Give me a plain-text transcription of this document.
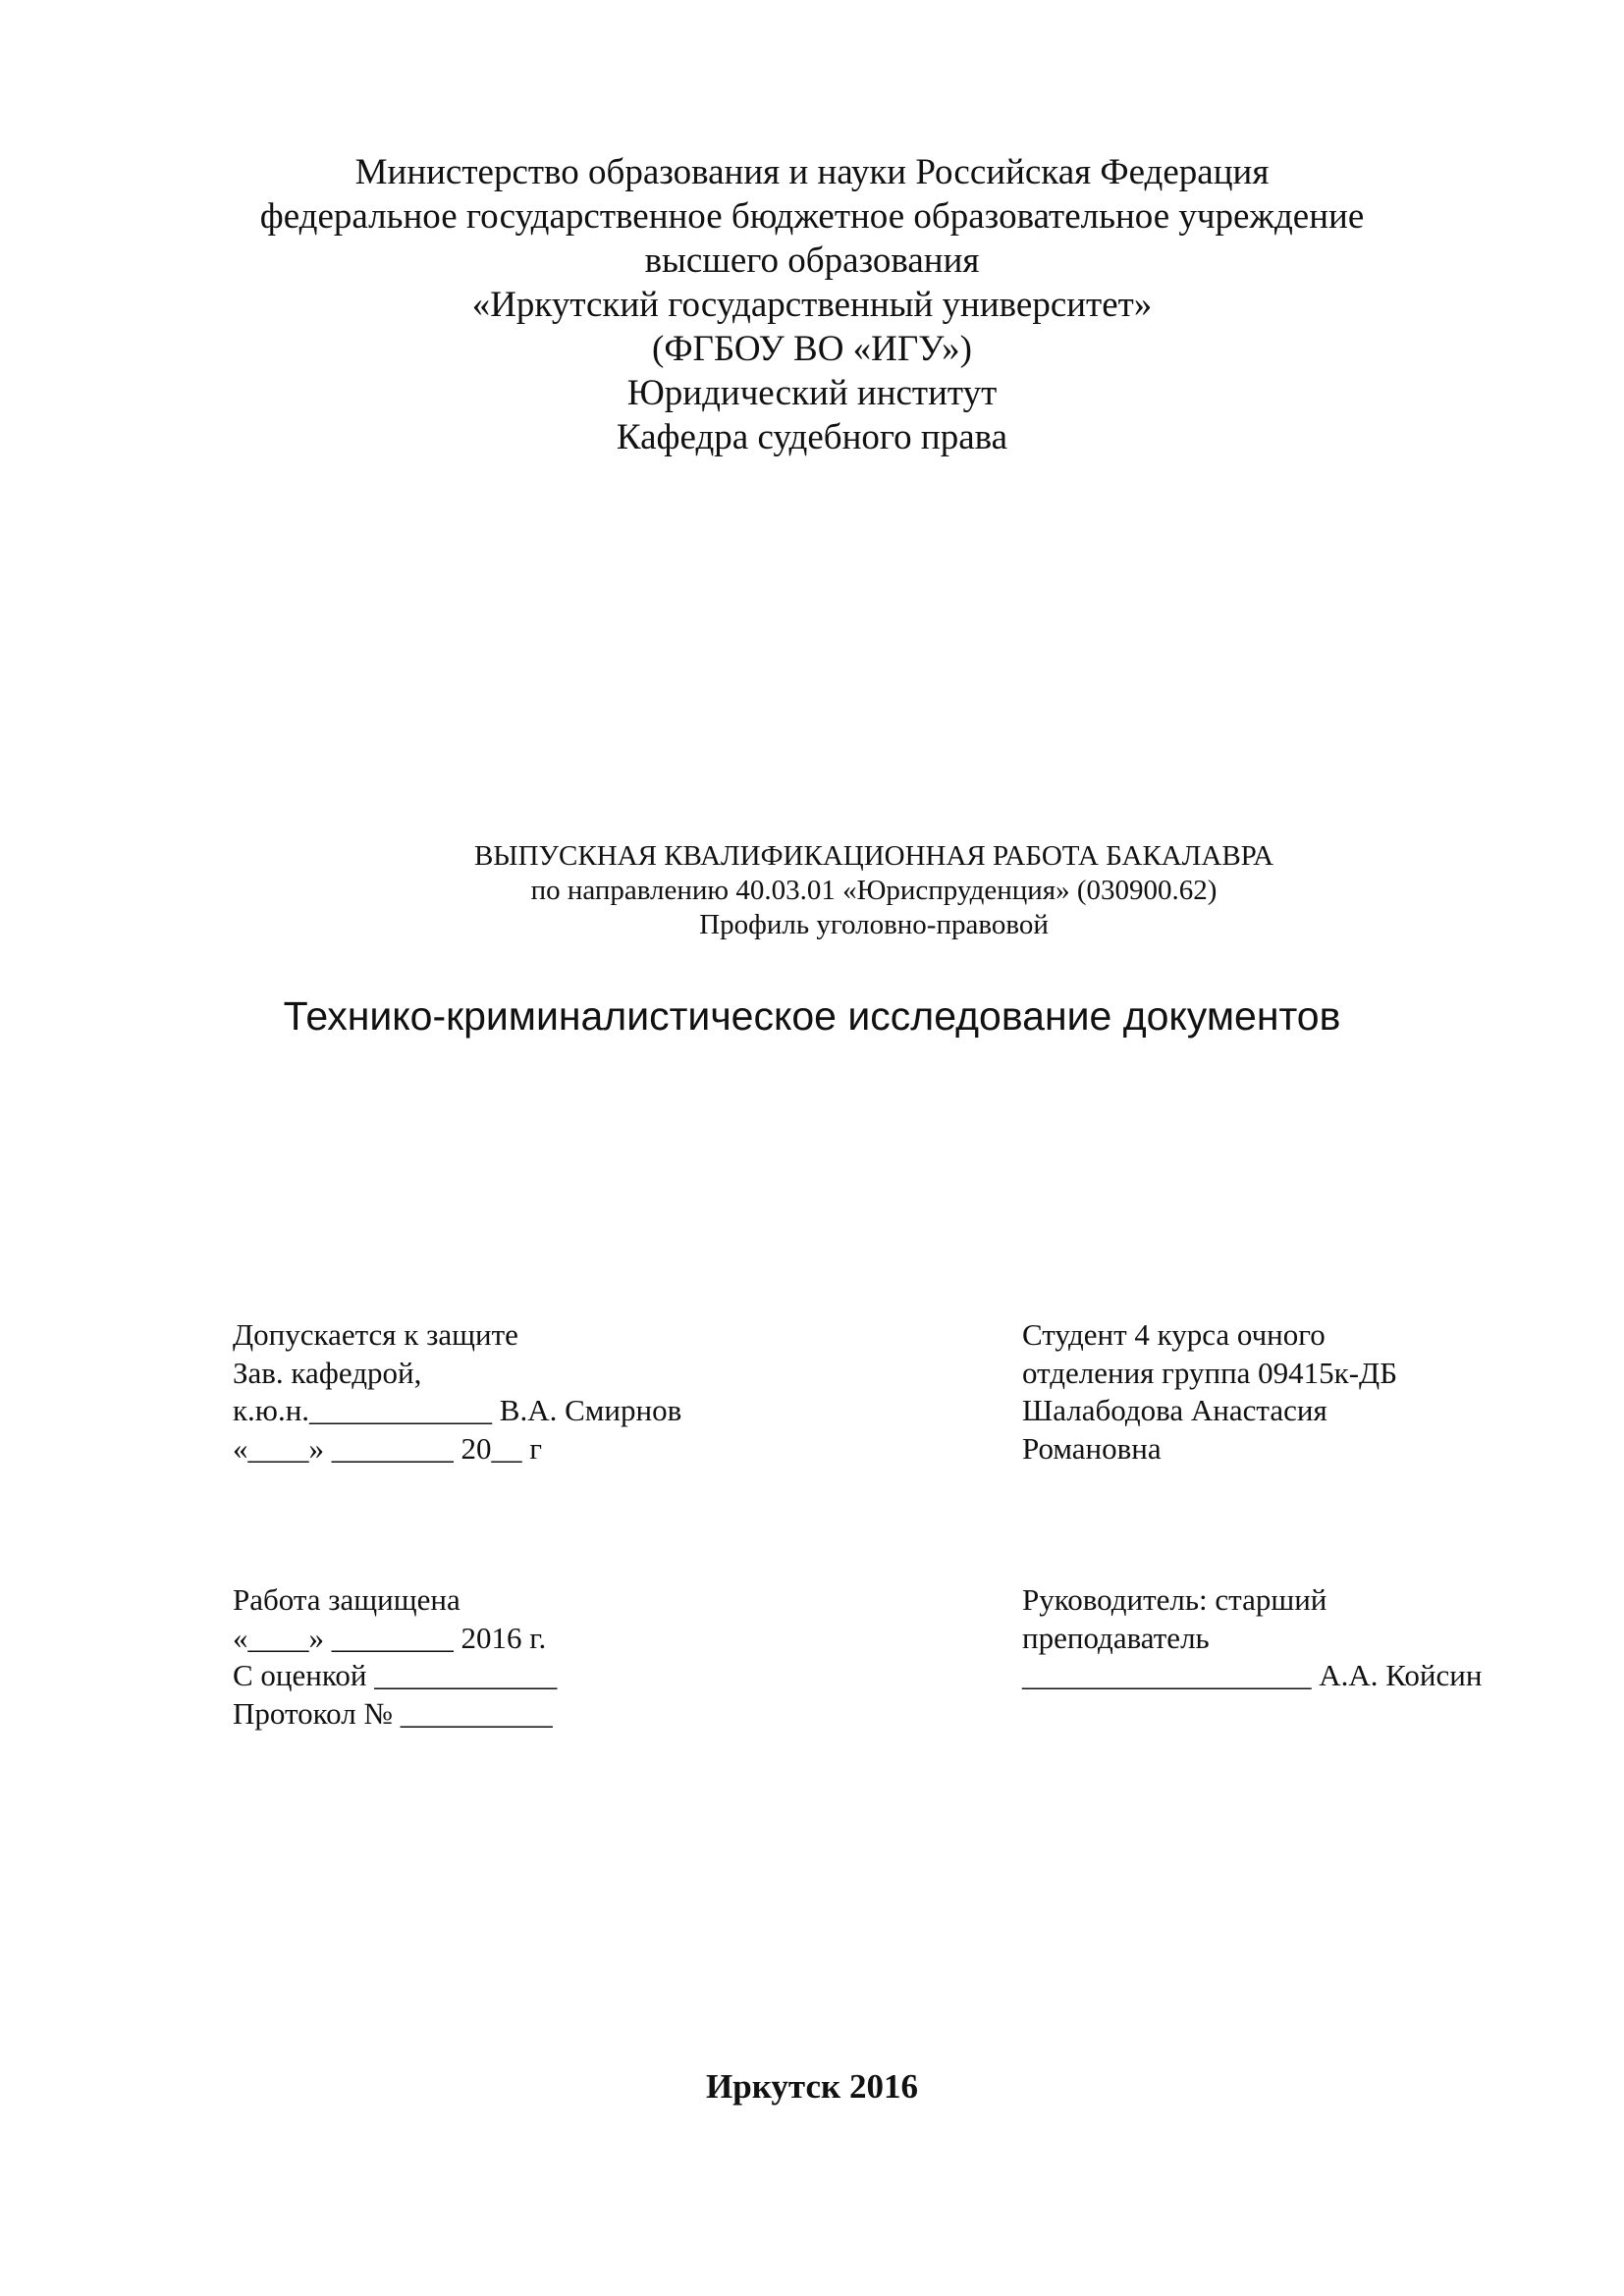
Министерство образования и науки Российская Федерация
федеральное государственное бюджетное образовательное учреждение
высшего образования
«Иркутский государственный университет»
(ФГБОУ ВО «ИГУ»)
Юридический институт
Кафедра судебного права
ВЫПУСКНАЯ КВАЛИФИКАЦИОННАЯ РАБОТА БАКАЛАВРА
по направлению 40.03.01 «Юриспруденция» (030900.62)
Профиль уголовно-правовой
Технико-криминалистическое исследование документов
Допускается к защите
Зав. кафедрой,
к.ю.н.____________ В.А. Смирнов
«____» ________ 20__ г
Студент 4 курса очного
отделения группа 09415к-ДБ
Шалабодова Анастасия
Романовна
Работа защищена
«____» ________ 2016 г.
С оценкой ____________
Протокол № __________
Руководитель: старший
преподаватель
___________________ А.А. Койсин
Иркутск 2016
